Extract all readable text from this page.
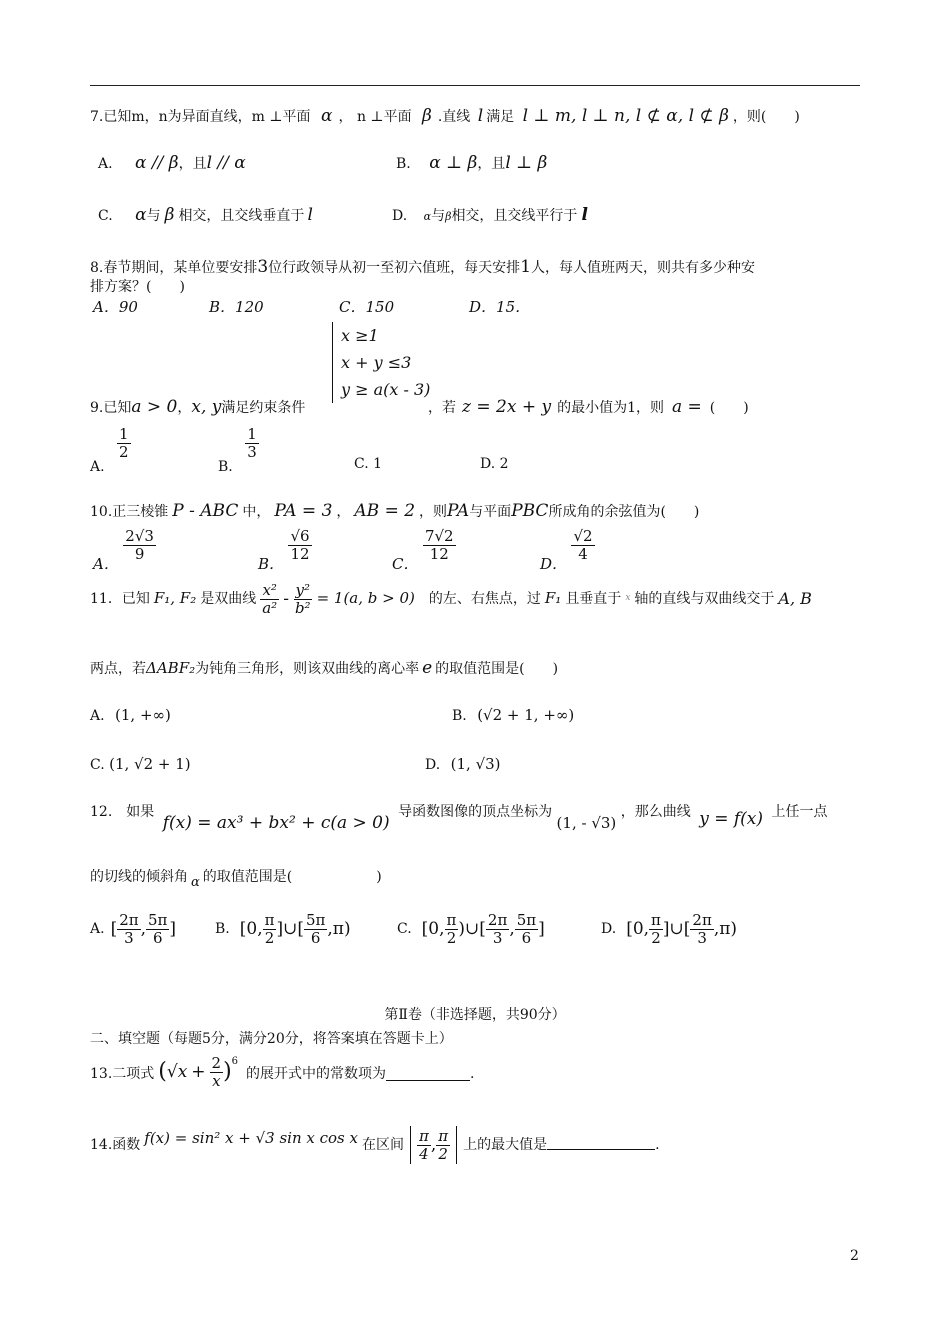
7.已知m，n为异面直线，m ⊥平面 α ， n ⊥平面 β .直线 l 满足 l ⊥ m, l ⊥ n, l ⊄ α, l ⊄ β ，则(　　)
A. α // β，且l // α	B. α ⊥ β，且l ⊥ β
C. α与 β 相交，且交线垂直于 l	D. α与β相交，且交线平行于 l
8.春节期间，某单位要安排3位行政领导从初一至初六值班，每天安排1人，每人值班两天，则共有多少种安
排方案？(　　)
A．90	B．120	C．150	D．15．
x ≥1
x + y ≤3
y ≥ a(x - 3)
9.已知a > 0，x, y满足约束条件	，若 z = 2x + y 的最小值为1，则 a = (　　)
A.
$\frac{1}{2}$
B.
$\frac{1}{3}$
C. 1	D. 2
10.正三棱锥 P - ABC 中， PA = 3 ， AB = 2 ，则PA与平面PBC所成角的余弦值为(　　)
A．
$\frac{2√3}{9}$
B．
$\frac{√6}{12}$
C．
$\frac{7√2}{12}$
D．
$\frac{√2}{4}$
11．已知 F₁, F₂ 是双曲线 $\frac{\text{x²}}{\text{a²}} - \frac{\text{y²}}{\text{b²}} = 1(a$, b > 0) 的左、右焦点，过 F₁ 且垂直于 x 轴的直线与双曲线交于 A, B
两点，若ΔABF₂为钝角三角形，则该双曲线的离心率 e 的取值范围是(　　)
A. (1, +∞)	B. (√2 + 1, +∞)
C. (1, √2 + 1)	D. (1, √3)
12.　如果 f(x) = ax³ + bx² + c(a > 0) 导函数图像的顶点坐标为 (1, - √3) ，那么曲线 y = f(x) 上任一点
的切线的倾斜角 α 的取值范围是(　　　　　　)
A. [ $\frac{2\pi}{3}$ , $\frac{5\pi}{6}$ ]	B. [0, $\frac{\pi}{2}$ ]∪[ $\frac{5\pi}{6} ,\pi$)	C. [0, $\frac{\pi}{2}$ )∪[ $\frac{2\pi}{3}$ , $\frac{5\pi}{6}$ ]	D. [0, $\frac{\pi}{2}$ ]∪[ $\frac{2\pi}{3} ,\pi$)
第Ⅱ卷（非选择题，共90分）
二、填空题（每题5分，满分20分，将答案填在答题卡上）
13.二项式 ( $√x + \frac{2}{x} )^6$
的展开式中的常数项为	.
14.函数 f(x) = sin² x + √3 sin x cos x 在区间 $\frac{\pi}{4}$ , $\frac{\pi}{2}$ 上的最大值是	.
2
